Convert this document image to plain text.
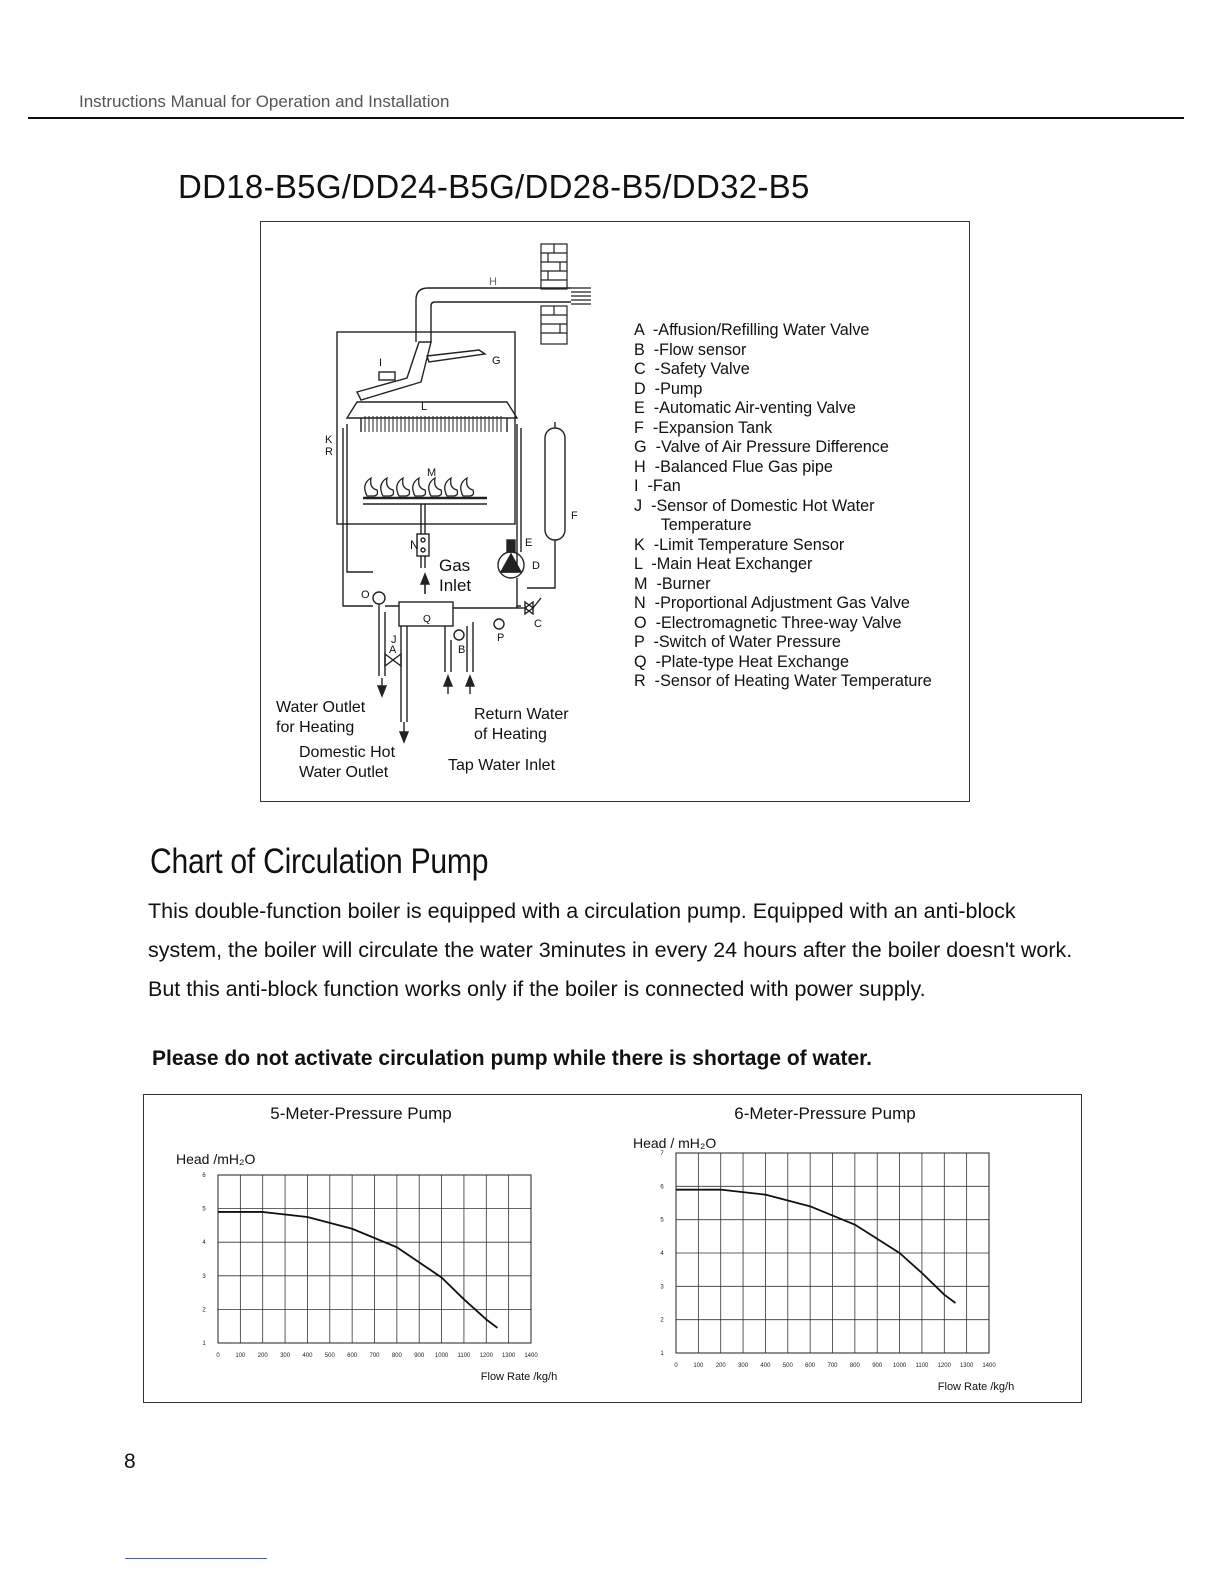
Instructions Manual for Operation and Installation
DD18-B5G/DD24-B5G/DD28-B5/DD32-B5
A  -Affusion/Refilling Water Valve
B  -Flow sensor
C  -Safety Valve
D  -Pump
E  -Automatic Air-venting Valve
F  -Expansion Tank
G  -Valve of Air Pressure Difference
H  -Balanced Flue Gas pipe
I  -Fan
J  -Sensor of Domestic Hot Water
Temperature
K  -Limit Temperature Sensor
L  -Main Heat Exchanger
M  -Burner
N  -Proportional Adjustment Gas Valve
O  -Electromagnetic Three-way Valve
P  -Switch of Water Pressure
Q  -Plate-type Heat Exchange
R  -Sensor of Heating Water Temperature
H
I	G
L
K
R
M
F
N	E
D
O
Q	C
P
J
A	B
Gas
Inlet
Water Outlet
for Heating
Domestic Hot
Water Outlet
Return Water
of Heating
Tap Water Inlet
Chart of Circulation Pump
This double-function boiler is equipped with a circulation pump. Equipped with an anti-block system, the boiler will circulate the water 3minutes in every 24 hours after the boiler doesn't work. But this anti-block function works only if the boiler is connected with power supply.
Please do not activate circulation pump while there is shortage of water.
0	100 200 300 400 500 600 700 800 900 1000 1100 1200 1300 1400
1
2
3
4
5
6
5-Meter-Pressure Pump
Head /mH₂O
Flow Rate /kg/h
0	100 200 300 400 500 600 700 800 900 1000 1100 1200 1300 1400
1
2
3
4
5
6
7
6-Meter-Pressure Pump
Head / mH₂O
Flow Rate /kg/h
8
